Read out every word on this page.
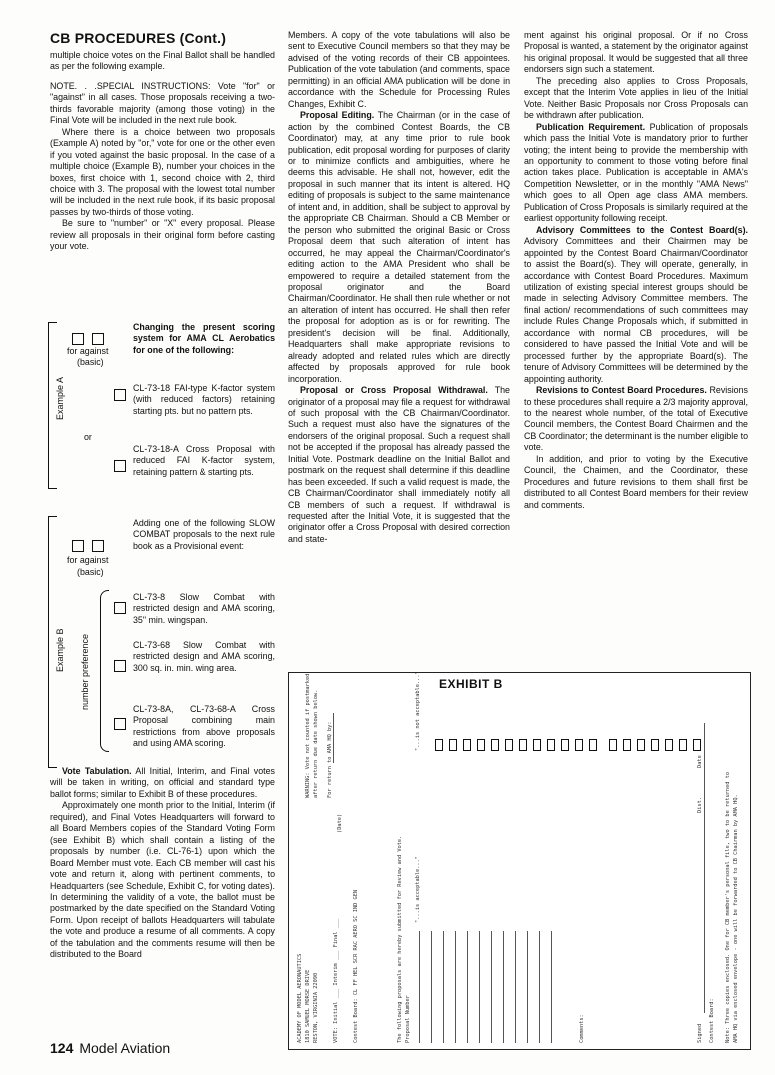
CB PROCEDURES (Cont.)

multiple choice votes on the Final Ballot shall be handled as per the following example.

NOTE. . .SPECIAL INSTRUCTIONS: Vote "for" or "against" in all cases. Those proposals receiving a two-thirds favorable majority (among those voting) in the Final Vote will be included in the next rule book.

Where there is a choice between two proposals (Example A) noted by "or," vote for one or the other even if you voted against the basic proposal. In the case of a multiple choice (Example B), number your choices in the boxes, first choice with 1, second choice with 2, third choice with 3. The proposal with the lowest total number will be included in the next rule book, if its basic proposal passes by two-thirds of those voting.

Be sure to "number" or "X" every proposal. Please review all proposals in their original form before casting your vote.

Example A
for against
(basic)
Changing the present scoring system for AMA CL Aerobatics for one of the following:
CL-73-18 FAI-type K-factor system (with reduced factors) retaining starting pts. but no pattern pts.
or
CL-73-18-A Cross Proposal with reduced FAI K-factor system, retaining pattern & starting pts.
Example B number preference
for against
(basic)
Adding one of the following SLOW COMBAT proposals to the next rule book as a Provisional event:
CL-73-8 Slow Combat with restricted design and AMA scoring, 35" min. wingspan.
CL-73-68 Slow Combat with restricted design and AMA scoring, 300 sq. in. min. wing area.
CL-73-8A, CL-73-68-A Cross Proposal combining main restrictions from above proposals and using AMA scoring.

Vote Tabulation. All Initial, Interim, and Final votes will be taken in writing, on official and standard type ballot forms; similar to Exhibit B of these procedures.

Approximately one month prior to the Initial, Interim (if required), and Final Votes Headquarters will forward to all Board Members copies of the Standard Voting Form (see Exhibit B) which shall contain a listing of the proposals by number (i.e. CL-76-1) upon which the Board Member must vote. Each CB member will cast his vote and return it, along with pertinent comments, to Headquarters (see Schedule, Exhibit C, for voting dates). In determining the validity of a vote, the ballot must be postmarked by the date specified on the Standard Voting Form. Upon receipt of ballots Headquarters will tabulate the vote and produce a resume of all comments. A copy of the tabulation and the comments resume will then be distributed to the Board

Members. A copy of the vote tabulations will also be sent to Executive Council members so that they may be advised of the voting records of their CB appointees. Publication of the vote tabulation (and comments, space permitting) in an official AMA publication will be done in accordance with the Schedule for Processing Rules Changes, Exhibit C.

Proposal Editing. The Chairman (or in the case of action by the combined Contest Boards, the CB Coordinator) may, at any time prior to rule book publication, edit proposal wording for purposes of clarity or to minimize conflicts and ambiguities, where he deems this advisable. He shall not, however, edit the proposal in such manner that its intent is altered. HQ editing of proposals is subject to the same maintenance of intent and, in addition, shall be subject to approval by the appropriate CB Chairman. Should a CB Member or the person who submitted the original Basic or Cross Proposal deem that such alteration of intent has occurred, he may appeal the Chairman/Coordinator's editing action to the AMA President who shall be empowered to require a detailed statement from the proposal originator and the Board Chairman/Coordinator. He shall then rule whether or not an alteration of intent has occurred. He shall then refer the proposal for adoption as is or for rewriting. The president's decision will be final. Additionally, Headquarters shall make appropriate revisions to already adopted and related rules which are directly affected by proposals approved for rule book incorporation.

Proposal or Cross Proposal Withdrawal. The originator of a proposal may file a request for withdrawal of such proposal with the CB Chairman/Coordinator. Such a request must also have the signatures of the endorsers of the original proposal. Such a request shall not be accepted if the proposal has already passed the Initial Vote. Postmark deadline on the Initial Ballot and postmark on the request shall determine if this deadline has been exceeded. If such a valid request is made, the CB Chairman/Coordinator shall immediately notify all CB members of such a request. If withdrawal is requested after the Initial Vote, it is suggested that the originator offer a Cross Proposal with desired correction and state-

ment against his original proposal. Or if no Cross Proposal is wanted, a statement by the originator against his original proposal. It would be suggested that all three endorsers sign such a statement.

The preceding also applies to Cross Proposals, except that the Interim Vote applies in lieu of the Initial Vote. Neither Basic Proposals nor Cross Proposals can be withdrawn after publication.

Publication Requirement. Publication of proposals which pass the Initial Vote is mandatory prior to further voting; the intent being to provide the membership with an opportunity to comment to those voting before final action takes place. Publication is acceptable in AMA's Competition Newsletter, or in the monthly "AMA News" which goes to all Open age class AMA members. Publication of Cross Proposals is similarly required at the earliest opportunity following receipt.

Advisory Committees to the Contest Board(s). Advisory Committees and their Chairmen may be appointed by the Contest Board Chairman/Coordinator to assist the Board(s). They will operate, generally, in accordance with Contest Board Procedures. Maximum utilization of existing special interest groups should be made in selecting Advisory Committee members. The final action/ recommendations of such committees may include Rules Change Proposals which, if submitted in accordance with normal CB procedures, will be considered to have passed the Initial Vote and will be processed further by the appropriate Board(s). The tenure of Advisory Committees will be determined by the appointing authority.

Revisions to Contest Board Procedures. Revisions to these procedures shall require a 2/3 majority approval, to the nearest whole number, of the total of Executive Council members, the Contest Board Chairmen and the CB Coordinator; the determinant is the number eligible to vote.

In addition, and prior to voting by the Executive Council, the Chaimen, and the Coordinator, these Procedures and future revisions to them shall first be distributed to all Contest Board members for their review and comments.

EXHIBIT B
ACADEMY OF MODEL AERONAUTICS 1810 SAMUEL MORSE DRIVE RESTON, VIRGINIA 22090	VOTE: Initial ___ Interim ___ Final ___	Contest Board: CL FF HEL SCR RAC AERO SC IND GEN
WARNING: Vote not counted if postmarked after return due date shown below. For return to AMA HQ by:
(Date)
The following proposals are hereby submitted for Review and Vote. Proposal Number
"...is acceptable..."
"...is not acceptable..."
Comments:	Signed
Dist.
Date
Contest Board: Note: Three copies enclosed. One for CB member's personal file, two to be returned to AMA HQ via enclosed envelope - one will be forwarded to CB Chairman by AMA HQ.
124 Model Aviation
